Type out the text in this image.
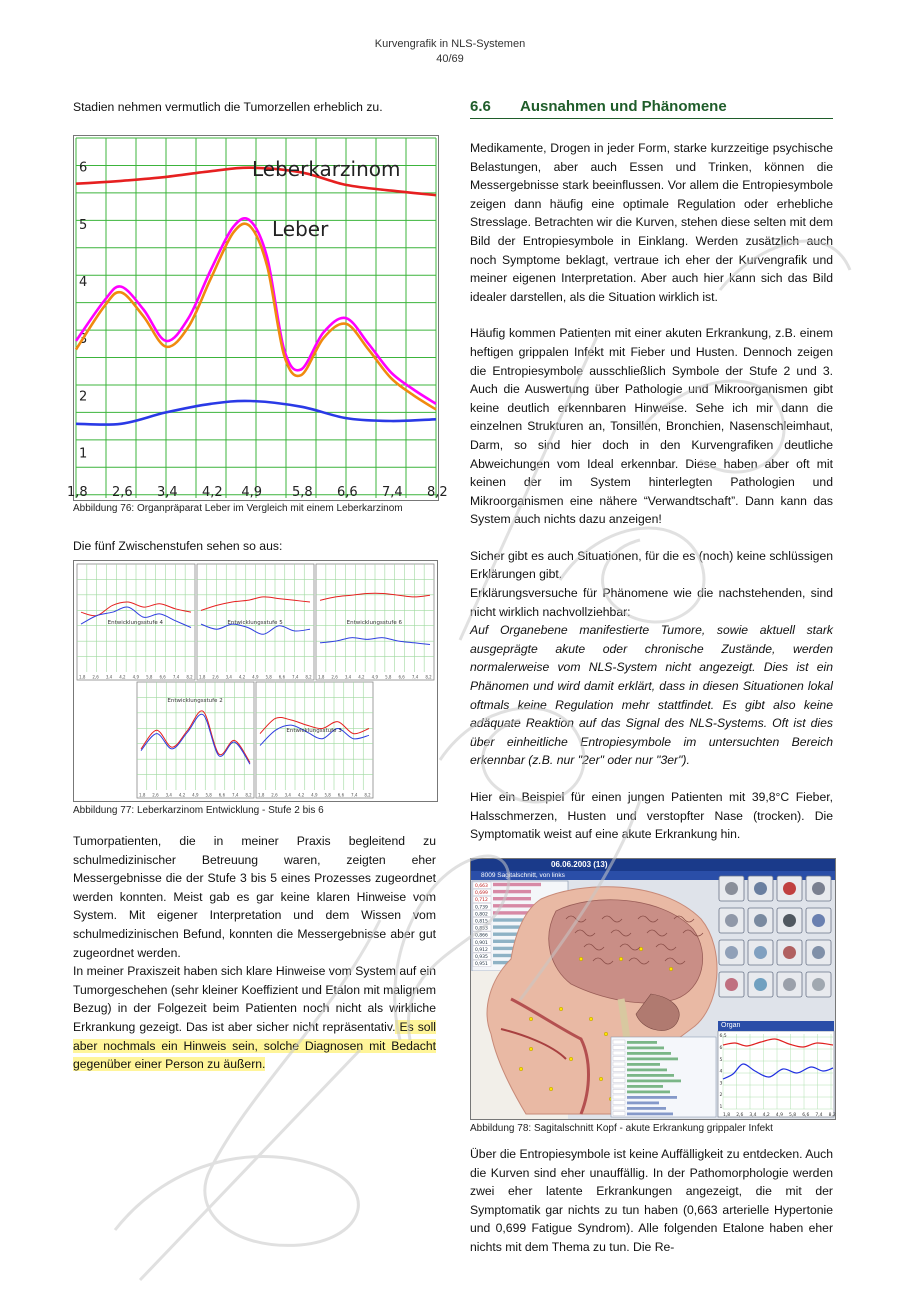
Kurvengrafik in NLS-Systemen
40/69
Stadien nehmen vermutlich die Tumorzellen erheblich zu.
1
2
3
4
5
6
1,8 2,6 3,4 4,2 4,9 5,8 6,6 7,4 8,2
Leberkarzinom
Leber
Abbildung 76: Organpräparat Leber im Vergleich mit einem Leberkarzinom
Die fünf Zwischenstufen sehen so aus:
Entwicklungsstufe 4
1,8 2,6 3,4 4,2 4,9 5,8 6,6 7,4 8,2
Entwicklungsstufe 5
1,8 2,6 3,4 4,2 4,9 5,8 6,6 7,4 8,2
Entwicklungsstufe 6
1,8 2,6 3,4 4,2 4,9 5,8 6,6 7,4 8,2
Entwicklungsstufe 2
1,8 2,6 3,4 4,2 4,9 5,8 6,6 7,4 8,2
Entwicklungsstufe 3
1,8 2,6 3,4 4,2 4,9 5,8 6,6 7,4 8,2
Abbildung 77: Leberkarzinom Entwicklung - Stufe 2 bis 6

Tumorpatienten, die in meiner Praxis begleitend zu schulmedizinischer Betreuung waren, zeigten eher Messergebnisse die der Stufe 3 bis 5 eines Prozesses zugeordnet werden konnten. Meist gab es gar keine klaren Hinweise vom System. Mit eigener Interpretation und dem Wissen vom schulmedizinischen Befund, konnten die Messergebnisse aber gut zugeordnet werden.

In meiner Praxiszeit haben sich klare Hinweise vom System auf ein Tumorgeschehen (sehr kleiner Koeffizient und Etalon mit malignem Bezug) in der Folgezeit beim Patienten noch nicht als wirkliche Erkrankung gezeigt. Das ist aber sicher nicht repräsentativ. Es soll aber nochmals ein Hinweis sein, solche Diagnosen mit Bedacht gegenüber einer Person zu äußern.

6.6 Ausnahmen und Phänomene

Medikamente, Drogen in jeder Form, starke kurzzeitige psychische Belastungen, aber auch Essen und Trinken, können die Messergebnisse stark beeinflussen. Vor allem die Entropiesymbole zeigen dann häufig eine optimale Regulation oder erhebliche Stresslage. Betrachten wir die Kurven, stehen diese selten mit dem Bild der Entropiesymbole in Einklang. Werden zusätzlich auch noch Symptome beklagt, vertraue ich eher der Kurvengrafik und meiner eigenen Interpretation. Aber auch hier kann sich das Bild idealer darstellen, als die Situation wirklich ist.

Häufig kommen Patienten mit einer akuten Erkrankung, z.B. einem heftigen grippalen Infekt mit Fieber und Husten. Dennoch zeigen die Entropiesymbole ausschließlich Symbole der Stufe 2 und 3. Auch die Auswertung über Pathologie und Mikroorganismen gibt keine deutlich erkennbaren Hinweise. Sehe ich mir dann die einzelnen Strukturen an, Tonsillen, Bronchien, Nasenschleimhaut, Darm, so sind hier doch in den Kurvengrafiken deutliche Abweichungen vom Ideal erkennbar. Diese haben aber oft mit keinen der im System hinterlegten Pathologien und Mikroorganismen eine nähere “Verwandtschaft”. Dann kann das System auch nichts dazu anzeigen!

Sicher gibt es auch Situationen, für die es (noch) keine schlüssigen Erklärungen gibt.

Erklärungsversuche für Phänomene wie die nachstehenden, sind nicht wirklich nachvollziehbar:

Auf Organebene manifestierte Tumore, sowie aktuell stark ausgeprägte akute oder chronische Zustände, werden normalerweise vom NLS-System nicht angezeigt. Dies ist ein Phänomen und wird damit erklärt, dass in diesen Situationen lokal oftmals keine Regulation mehr stattfindet. Es gibt also keine adäquate Reaktion auf das Signal des NLS-Systems. Oft ist dies über einheitliche Entropiesymbole im untersuchten Bereich erkennbar (z.B. nur "2er" oder nur "3er").

Hier ein Beispiel für einen jungen Patienten mit 39,8°C Fieber, Halsschmerzen, Husten und verstopfter Nase (trocken). Die Symptomatik weist auf eine akute Erkrankung hin.

06.06.2003 (13)
8009 Sagitalschnitt, von links
0,663
0,699
0,712
0,739
0,802
0,815
0,853
0,866
0,901
0,912
0,935
0,951
1
2
3
4
5
6
6,5
1,8 2,6 3,4 4,2 4,9 5,8 6,6 7,4 8,2
Organ
Abbildung 78: Sagitalschnitt Kopf - akute Erkrankung grippaler Infekt
Über die Entropiesymbole ist keine Auffälligkeit zu entdecken. Auch die Kurven sind eher unauffällig. In der Pathomorphologie werden zwei eher latente Erkrankungen angezeigt, die mit der Symptomatik gar nichts zu tun haben (0,663 arterielle Hypertonie und 0,699 Fatigue Syndrom). Alle folgenden Etalone haben eher nichts mit dem Thema zu tun. Die Re-
